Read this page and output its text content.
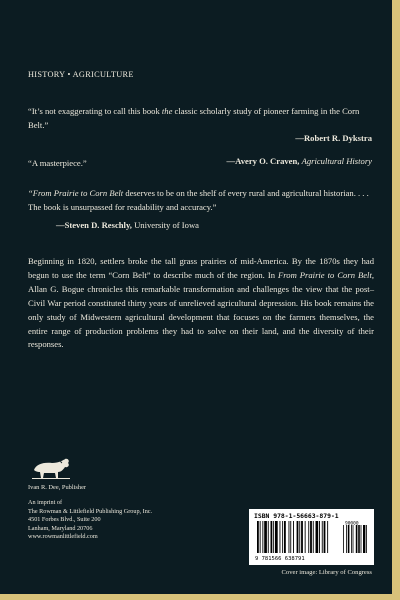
HISTORY • AGRICULTURE
“It’s not exaggerating to call this book the classic scholarly study of pioneer farming in the Corn Belt.”
—Robert R. Dykstra
“A masterpiece.”	—Avery O. Craven, Agricultural History
“From Prairie to Corn Belt deserves to be on the shelf of every rural and agricultural historian. . . . The book is unsurpassed for readability and accuracy.”
—Steven D. Reschly, University of Iowa
Beginning in 1820, settlers broke the tall grass prairies of mid-America. By the 1870s they had begun to use the term “Corn Belt” to describe much of the region. In From Prairie to Corn Belt, Allan G. Bogue chronicles this remarkable transformation and challenges the view that the post–Civil War period constituted thirty years of unrelieved agricultural depression. His book remains the only study of Midwestern agricultural development that focuses on the farmers themselves, the entire range of production problems they had to solve on their land, and the diversity of their responses.
Ivan R. Dee, Publisher
An imprint of
The Rowman & Littlefield Publishing Group, Inc.
4501 Forbes Blvd., Suite 200
Lanham, Maryland 20706
www.rowmanlittlefield.com
ISBN 978-1-56663-879-1
9 781566 638791
90000
Cover image: Library of Congress
